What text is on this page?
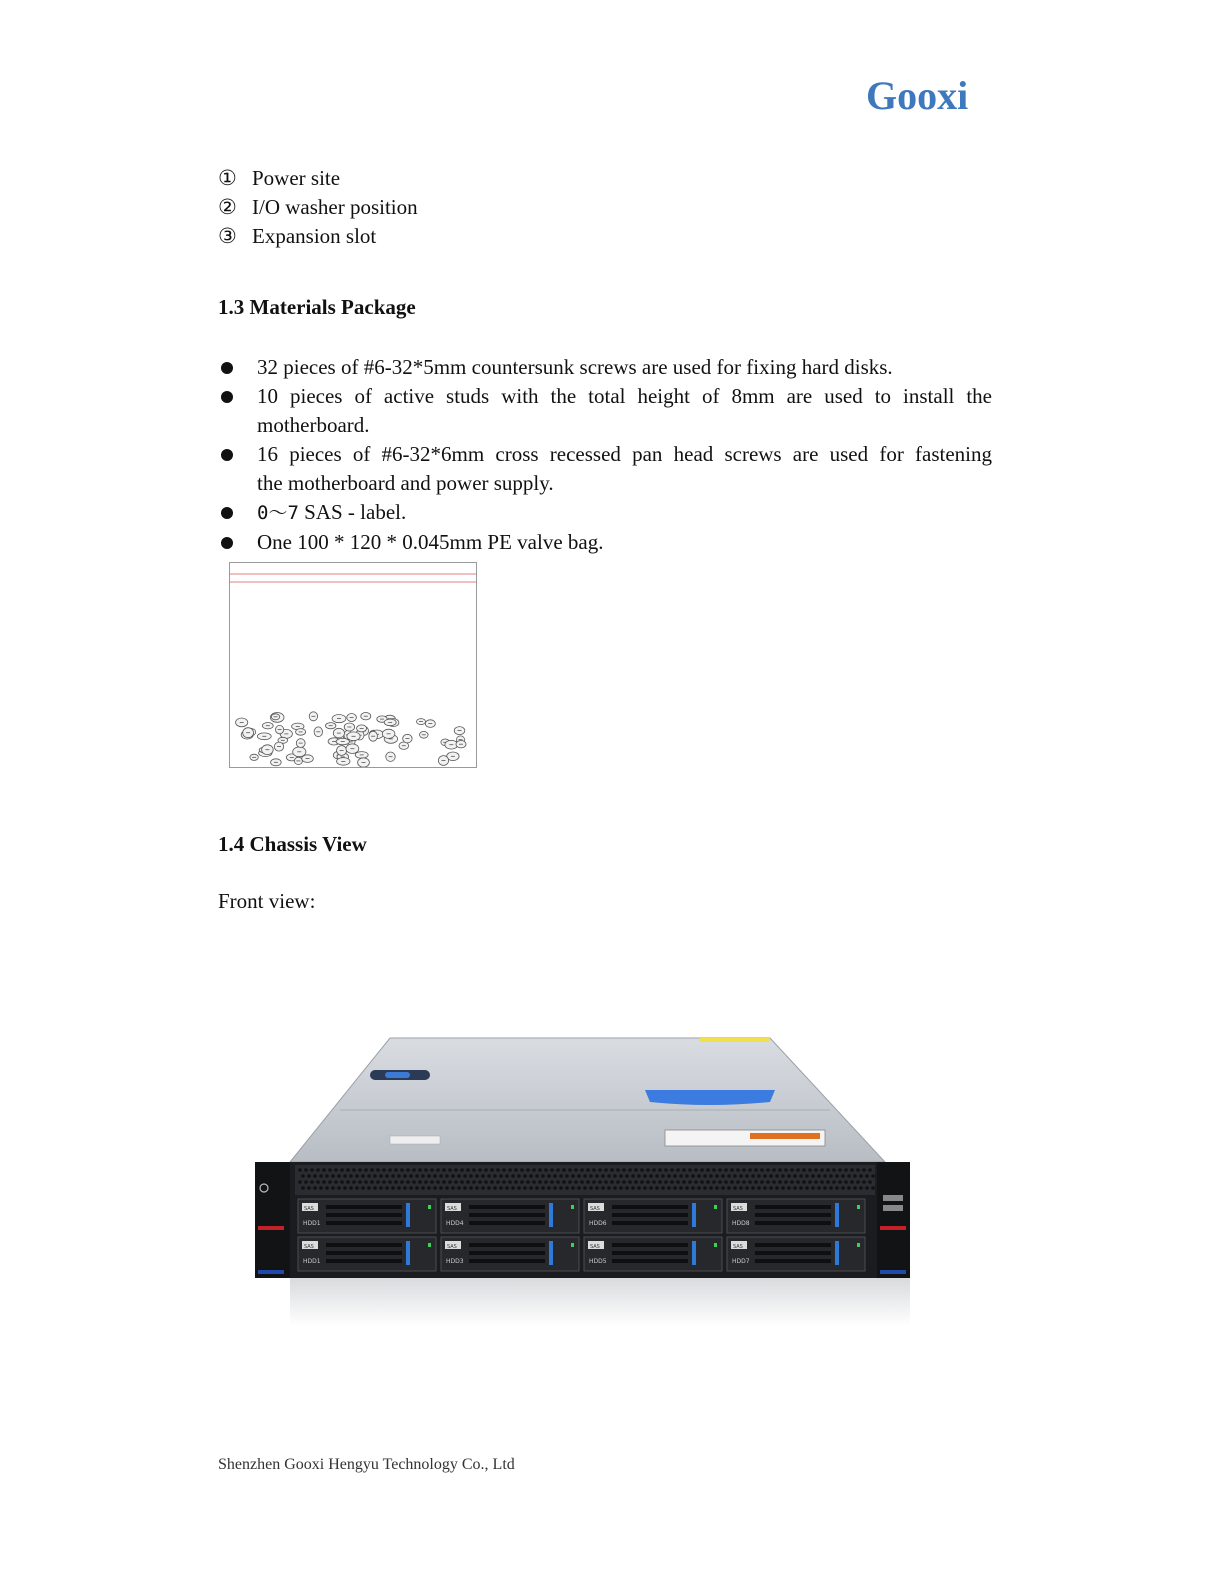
Gooxi
① Power site
② I/O washer position
③ Expansion slot
1.3 Materials Package
32 pieces of #6-32*5mm countersunk screws are used for fixing hard disks.
10 pieces of active studs with the total height of 8mm are used to install the
motherboard.
16 pieces of #6-32*6mm cross recessed pan head screws are used for fastening
the motherboard and power supply.
0～7 SAS - label.
One 100 * 120 * 0.045mm PE valve bag.
1.4 Chassis View
Front view:
HDD1
SAS
HDD4
SAS
HDD6
SAS
HDD8
SAS
HDD1
SAS
HDD3
SAS
HDD5
SAS
HDD7
SAS
Shenzhen Gooxi Hengyu Technology Co., Ltd
